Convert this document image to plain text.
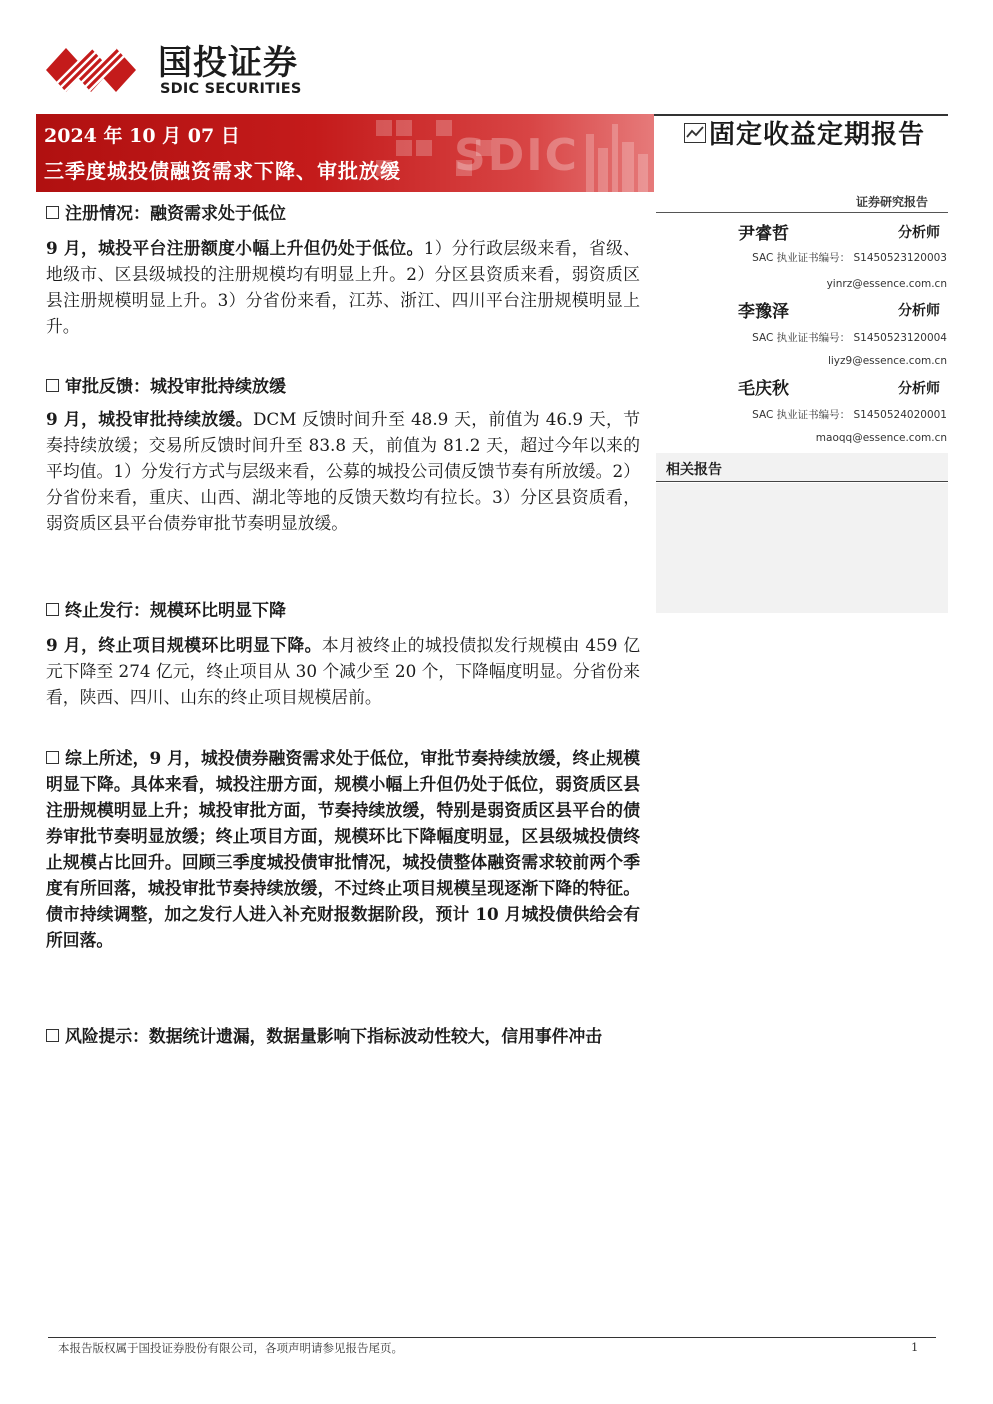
国投证券
SDIC SECURITIES
SDIC
2024 年 10 月 07 日
三季度城投债融资需求下降、审批放缓
固定收益定期报告
证券研究报告
尹睿哲	分析师
SAC 执业证书编号： S1450523120003
yinrz@essence.com.cn
李豫泽	分析师
SAC 执业证书编号： S1450523120004
liyz9@essence.com.cn
毛庆秋	分析师
SAC 执业证书编号： S1450524020001
maoqq@essence.com.cn
相关报告
注册情况：融资需求处于低位
9 月，城投平台注册额度小幅上升但仍处于低位。1）分行政层级来看，省级、地级市、区县级城投的注册规模均有明显上升。2）分区县资质来看，弱资质区县注册规模明显上升。3）分省份来看，江苏、浙江、四川平台注册规模明显上升。
审批反馈：城投审批持续放缓
9 月，城投审批持续放缓。DCM 反馈时间升至 48.9 天，前值为 46.9 天，节奏持续放缓；交易所反馈时间升至 83.8 天，前值为 81.2 天，超过今年以来的平均值。1）分发行方式与层级来看，公募的城投公司债反馈节奏有所放缓。2）分省份来看，重庆、山西、湖北等地的反馈天数均有拉长。3）分区县资质看，弱资质区县平台债券审批节奏明显放缓。
终止发行：规模环比明显下降
9 月，终止项目规模环比明显下降。本月被终止的城投债拟发行规模由 459 亿元下降至 274 亿元，终止项目从 30 个减少至 20 个，下降幅度明显。分省份来看，陕西、四川、山东的终止项目规模居前。
综上所述，9 月，城投债券融资需求处于低位，审批节奏持续放缓，终止规模明显下降。具体来看，城投注册方面，规模小幅上升但仍处于低位，弱资质区县注册规模明显上升；城投审批方面，节奏持续放缓，特别是弱资质区县平台的债券审批节奏明显放缓；终止项目方面，规模环比下降幅度明显，区县级城投债终止规模占比回升。回顾三季度城投债审批情况，城投债整体融资需求较前两个季度有所回落，城投审批节奏持续放缓，不过终止项目规模呈现逐渐下降的特征。债市持续调整，加之发行人进入补充财报数据阶段，预计 10 月城投债供给会有所回落。
风险提示：数据统计遗漏，数据量影响下指标波动性较大，信用事件冲击
本报告版权属于国投证券股份有限公司，各项声明请参见报告尾页。	1
